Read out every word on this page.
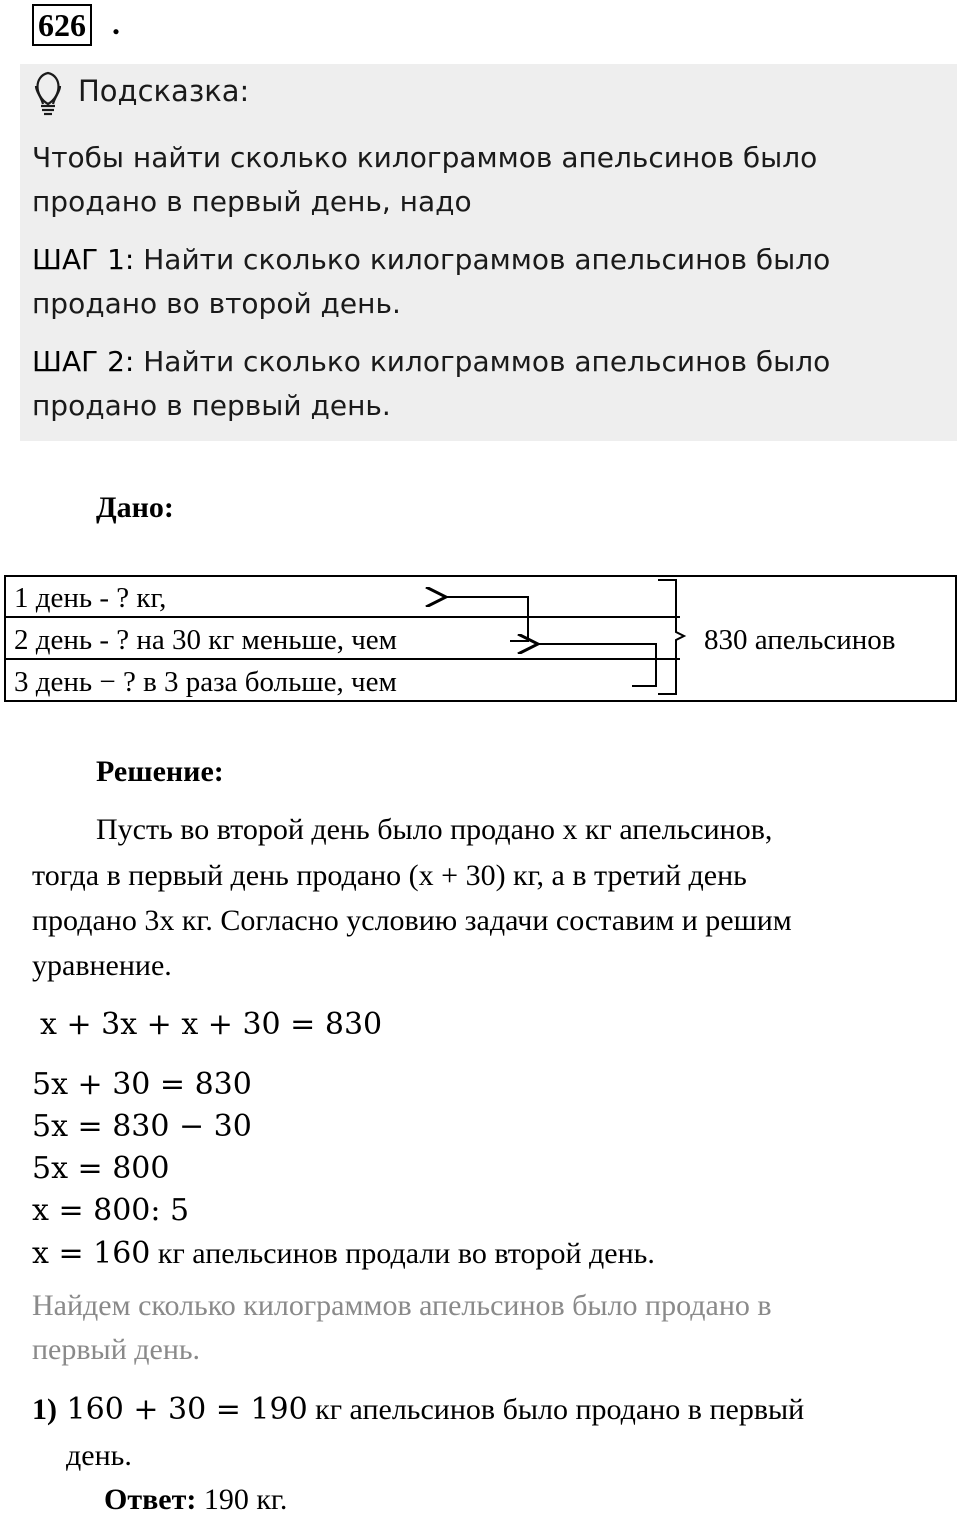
626 .
Подсказка:
Чтобы найти сколько килограммов апельсинов было
продано в первый день, надо
ШАГ 1: Найти сколько килограммов апельсинов было
продано во второй день.
ШАГ 2: Найти сколько килограммов апельсинов было
продано в первый день.
Дано:
1 день - ? кг,
2 день - ? на 30 кг меньше, чем
3 день − ? в 3 раза больше, чем
830 апельсинов
Решение:
Пусть во второй день было продано x кг апельсинов,
тогда в первый день продано (x + 30) кг, а в третий день
продано 3x кг. Согласно условию задачи составим и решим
уравнение.
x + 3x + x + 30 = 830
5x + 30 = 830
5x = 830 − 30
5x = 800
x = 800: 5
x = 160 кг апельсинов продали во второй день.
Найдем сколько килограммов апельсинов было продано в
первый день.
1) 160 + 30 = 190 кг апельсинов было продано в первый
день.
Ответ: 190 кг.
